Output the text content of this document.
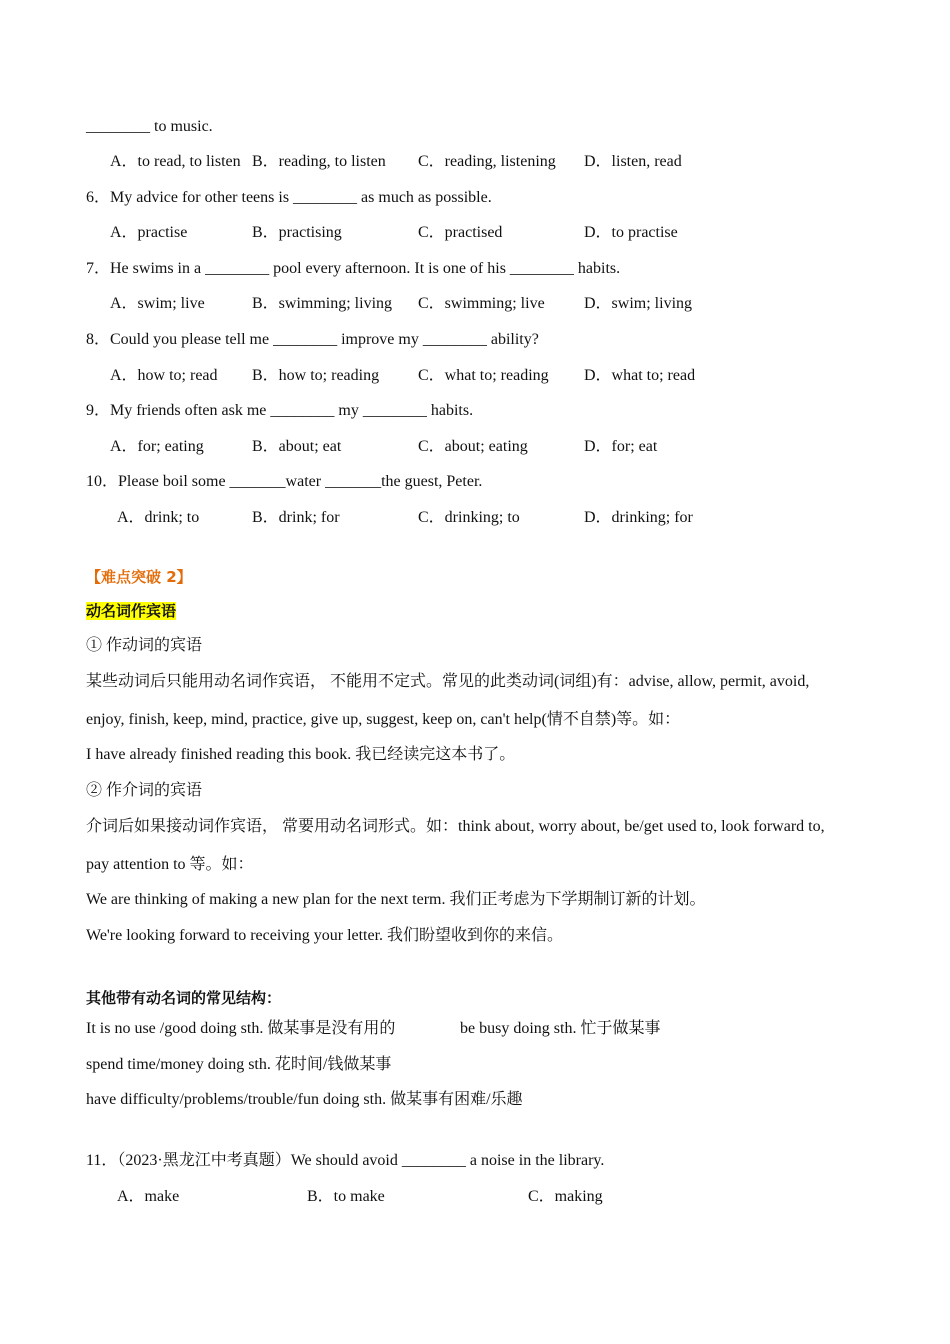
________ to music.
A．to read, to listen B．reading, to listen C．reading, listening D．listen, read
6．My advice for other teens is ________ as much as possible.
A．practise	B．practising	C．practised	D．to practise
7．He swims in a ________ pool every afternoon. It is one of his ________ habits.
A．swim; live	B．swimming; living C．swimming; live D．swim; living
8．Could you please tell me ________ improve my ________ ability?
A．how to; read B．how to; reading C．what to; reading D．what to; read
9．My friends often ask me ________ my ________ habits.
A．for; eating	B．about; eat	C．about; eating	D．for; eat
10．Please boil some _______water _______the guest, Peter.
A．drink; to	B．drink; for	C．drinking; to	D．drinking; for
【难点突破 2】
动名词作宾语
① 作动词的宾语
某些动词后只能用动名词作宾语， 不能用不定式。常见的此类动词(词组)有：advise, allow, permit, avoid,
enjoy, finish, keep, mind, practice, give up, suggest, keep on, can't help(情不自禁)等。如：
I have already finished reading this book. 我已经读完这本书了。
② 作介词的宾语
介词后如果接动词作宾语， 常要用动名词形式。如：think about, worry about, be/get used to, look forward to,
pay attention to 等。如：
We are thinking of making a new plan for the next term. 我们正考虑为下学期制订新的计划。
We're looking forward to receiving your letter. 我们盼望收到你的来信。
其他带有动名词的常见结构：
It is no use /good doing sth. 做某事是没有用的	be busy doing sth. 忙于做某事
spend time/money doing sth. 花时间/钱做某事
have difficulty/problems/trouble/fun doing sth. 做某事有困难/乐趣
11．（2023·黑龙江中考真题）We should avoid ________ a noise in the library.
A．make	B．to make	C．making
